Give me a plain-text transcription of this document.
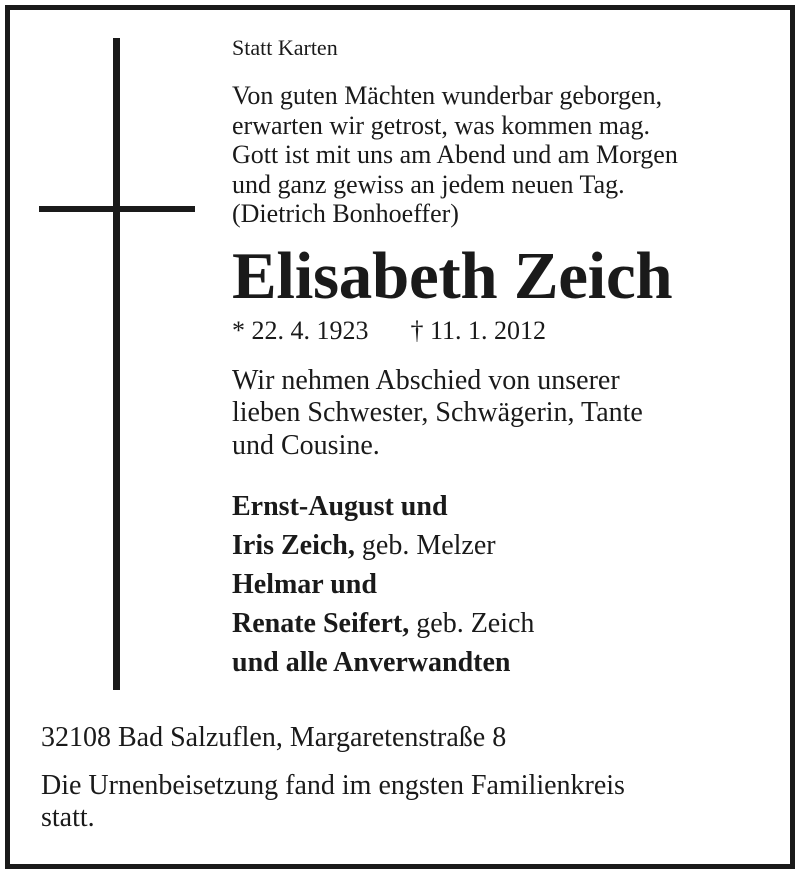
Statt Karten

Von guten Mächten wunderbar geborgen,
erwarten wir getrost, was kommen mag.
Gott ist mit uns am Abend und am Morgen
und ganz gewiss an jedem neuen Tag.
(Dietrich Bonhoeffer)
Elisabeth Zeich
* 22. 4. 1923 † 11. 1. 2012
Wir nehmen Abschied von unserer
lieben Schwester, Schwägerin, Tante
und Cousine.
Ernst-August und
Iris Zeich, geb. Melzer
Helmar und
Renate Seifert, geb. Zeich
und alle Anverwandten
32108 Bad Salzuflen, Margaretenstraße 8
Die Urnenbeisetzung fand im engsten Familienkreis
statt.
